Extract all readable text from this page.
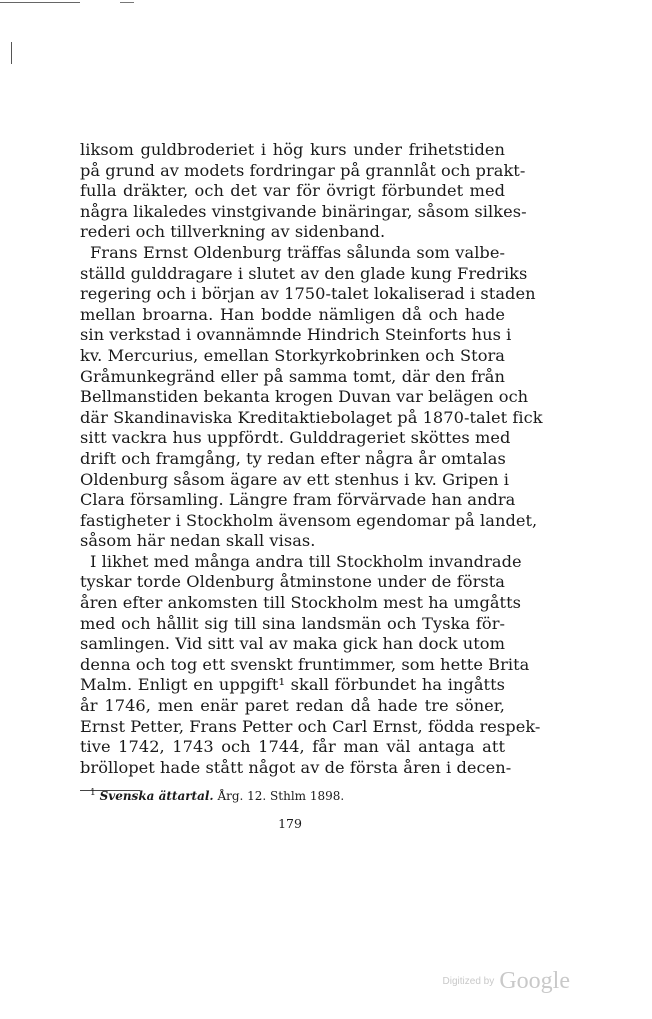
liksom guldbroderiet i hög kurs under frihetstiden
på grund av modets fordringar på grannlåt och prakt-
fulla dräkter, och det var för övrigt förbundet med
några likaledes vinstgivande binäringar, såsom silkes-
rederi och tillverkning av sidenband.
Frans Ernst Oldenburg träffas sålunda som valbe-
ställd gulddragare i slutet av den glade kung Fredriks
regering och i början av 1750-talet lokaliserad i staden
mellan broarna. Han bodde nämligen då och hade
sin verkstad i ovannämnde Hindrich Steinforts hus i
kv. Mercurius, emellan Storkyrkobrinken och Stora
Gråmunkegränd eller på samma tomt, där den från
Bellmanstiden bekanta krogen Duvan var belägen och
där Skandinaviska Kreditaktiebolaget på 1870-talet fick
sitt vackra hus uppfördt. Gulddrageriet sköttes med
drift och framgång, ty redan efter några år omtalas
Oldenburg såsom ägare av ett stenhus i kv. Gripen i
Clara församling. Längre fram förvärvade han andra
fastigheter i Stockholm ävensom egendomar på landet,
såsom här nedan skall visas.
I likhet med många andra till Stockholm invandrade
tyskar torde Oldenburg åtminstone under de första
åren efter ankomsten till Stockholm mest ha umgåtts
med och hållit sig till sina landsmän och Tyska för-
samlingen. Vid sitt val av maka gick han dock utom
denna och tog ett svenskt fruntimmer, som hette Brita
Malm. Enligt en uppgift¹ skall förbundet ha ingåtts
år 1746, men enär paret redan då hade tre söner,
Ernst Petter, Frans Petter och Carl Ernst, födda respek-
tive 1742, 1743 och 1744, får man väl antaga att
bröllopet hade stått något av de första åren i decen-
$^1$ Svenska ättartal. Årg. 12. Sthlm 1898.
179
Digitized by Google
